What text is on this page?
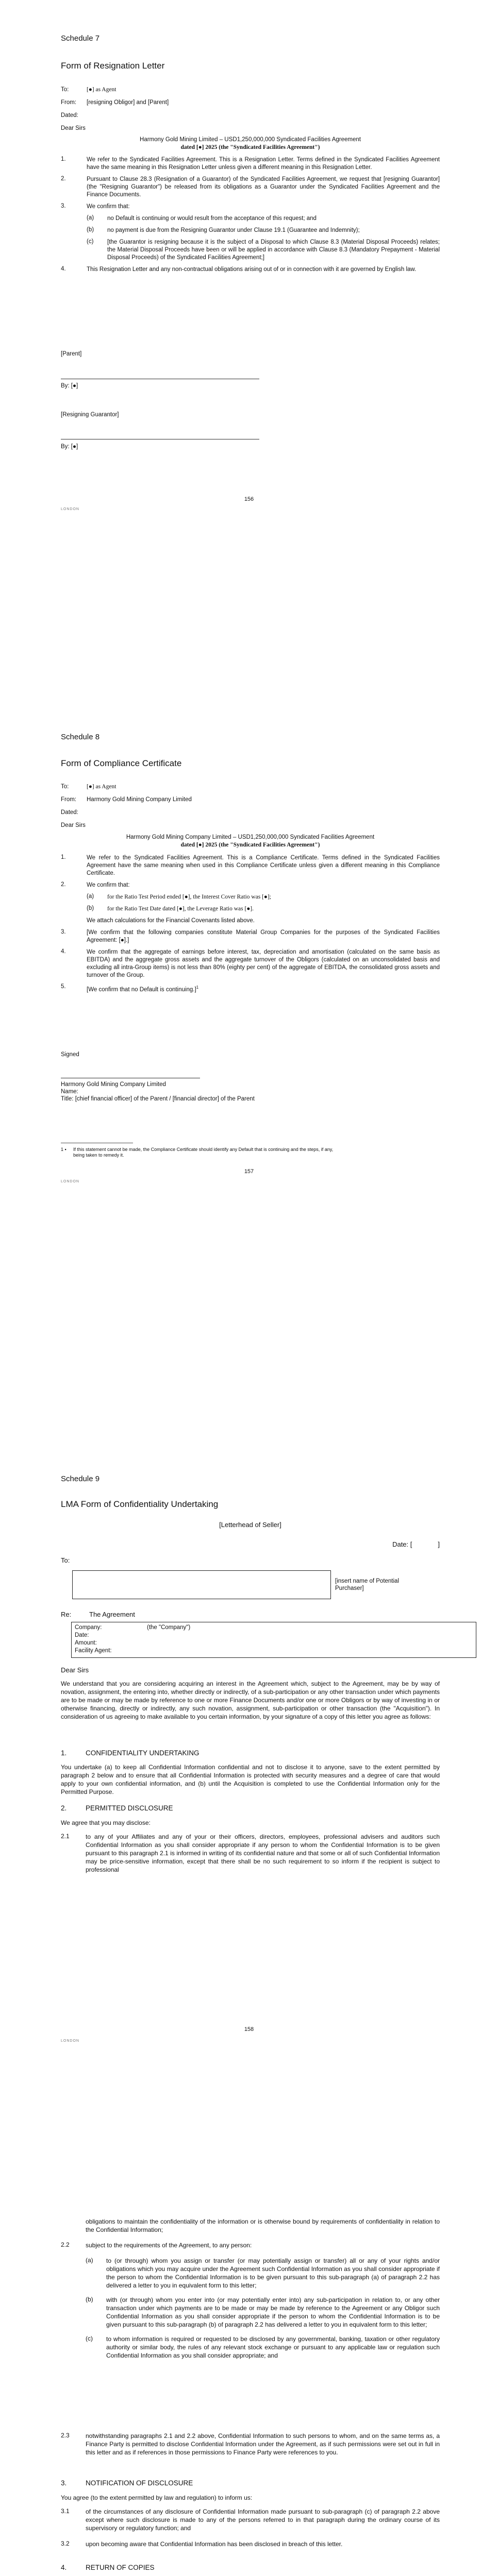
Schedule 7
Form of Resignation Letter
To:	[●] as Agent
From: [resigning Obligor] and [Parent]
Dated:
Dear Sirs
Harmony Gold Mining Limited – USD1,250,000,000 Syndicated Facilities Agreement
dated [●] 2025 (the "Syndicated Facilities Agreement")
1.	We refer to the Syndicated Facilities Agreement. This is a Resignation Letter. Terms defined in the Syndicated Facilities Agreement have the same meaning in this Resignation Letter unless given a different meaning in this Resignation Letter.
2.	Pursuant to Clause 28.3 (Resignation of a Guarantor) of the Syndicated Facilities Agreement, we request that [resigning Guarantor] (the "Resigning Guarantor") be released from its obligations as a Guarantor under the Syndicated Facilities Agreement and the Finance Documents.
3.	We confirm that:
(a)	no Default is continuing or would result from the acceptance of this request; and
(b)	no payment is due from the Resigning Guarantor under Clause 19.1 (Guarantee and Indemnity);
(c)	[the Guarantor is resigning because it is the subject of a Disposal to which Clause 8.3 (Material Disposal Proceeds) relates; the Material Disposal Proceeds have been or will be applied in accordance with Clause 8.3 (Mandatory Prepayment - Material Disposal Proceeds) of the Syndicated Facilities Agreement;]
4.	This Resignation Letter and any non-contractual obligations arising out of or in connection with it are governed by English law.
[Parent]
By: [●]
[Resigning Guarantor]
By: [●]
156
LONDON
Schedule 8
Form of Compliance Certificate
To:	[●] as Agent
From: Harmony Gold Mining Company Limited
Dated:
Dear Sirs
Harmony Gold Mining Company Limited – USD1,250,000,000 Syndicated Facilities Agreement
dated [●] 2025 (the "Syndicated Facilities Agreement")
1.	We refer to the Syndicated Facilities Agreement. This is a Compliance Certificate. Terms defined in the Syndicated Facilities Agreement have the same meaning when used in this Compliance Certificate unless given a different meaning in this Compliance Certificate.
2.	We confirm that:
(a)	for the Ratio Test Period ended [●], the Interest Cover Ratio was [●];
(b)	for the Ratio Test Date dated [●], the Leverage Ratio was [●].
We attach calculations for the Financial Covenants listed above.
3.	[We confirm that the following companies constitute Material Group Companies for the purposes of the Syndicated Facilities Agreement: [●].]
4.	We confirm that the aggregate of earnings before interest, tax, depreciation and amortisation (calculated on the same basis as EBITDA) and the aggregate gross assets and the aggregate turnover of the Obligors (calculated on an unconsolidated basis and excluding all intra-Group items) is not less than 80% (eighty per cent) of the aggregate of EBITDA, the consolidated gross assets and turnover of the Group.
5.	[We confirm that no Default is continuing.]$^1$
Signed
Harmony Gold Mining Company Limited
Name:
Title: [chief financial officer] of the Parent / [financial director] of the Parent
1 ▪	If this statement cannot be made, the Compliance Certificate should identify any Default that is continuing and the steps, if any, being taken to remedy it.
157
LONDON
Schedule 9
LMA Form of Confidentiality Undertaking
[Letterhead of Seller]
Date: [	]
To:
[insert name of Potential Purchaser]
Re:	The Agreement
Company:	(the "Company")
Date:
Amount:
Facility Agent:
Dear Sirs
We understand that you are considering acquiring an interest in the Agreement which, subject to the Agreement, may be by way of novation, assignment, the entering into, whether directly or indirectly, of a sub-participation or any other transaction under which payments are to be made or may be made by reference to one or more Finance Documents and/or one or more Obligors or by way of investing in or otherwise financing, directly or indirectly, any such novation, assignment, sub-participation or other transaction (the "Acquisition"). In consideration of us agreeing to make available to you certain information, by your signature of a copy of this letter you agree as follows:
1.	CONFIDENTIALITY UNDERTAKING
You undertake (a) to keep all Confidential Information confidential and not to disclose it to anyone, save to the extent permitted by paragraph 2 below and to ensure that all Confidential Information is protected with security measures and a degree of care that would apply to your own confidential information, and (b) until the Acquisition is completed to use the Confidential Information only for the Permitted Purpose.
2.	PERMITTED DISCLOSURE
We agree that you may disclose:
2.1	to any of your Affiliates and any of your or their officers, directors, employees, professional advisers and auditors such Confidential Information as you shall consider appropriate if any person to whom the Confidential Information is to be given pursuant to this paragraph 2.1 is informed in writing of its confidential nature and that some or all of such Confidential Information may be price-sensitive information, except that there shall be no such requirement to so inform if the recipient is subject to professional
158
LONDON
obligations to maintain the confidentiality of the information or is otherwise bound by requirements of confidentiality in relation to the Confidential Information;
2.2	subject to the requirements of the Agreement, to any person:
(a)	to (or through) whom you assign or transfer (or may potentially assign or transfer) all or any of your rights and/or obligations which you may acquire under the Agreement such Confidential Information as you shall consider appropriate if the person to whom the Confidential Information is to be given pursuant to this sub-paragraph (a) of paragraph 2.2 has delivered a letter to you in equivalent form to this letter;
(b)	with (or through) whom you enter into (or may potentially enter into) any sub-participation in relation to, or any other transaction under which payments are to be made or may be made by reference to the Agreement or any Obligor such Confidential Information as you shall consider appropriate if the person to whom the Confidential Information is to be given pursuant to this sub-paragraph (b) of paragraph 2.2 has delivered a letter to you in equivalent form to this letter;
(c)	to whom information is required or requested to be disclosed by any governmental, banking, taxation or other regulatory authority or similar body, the rules of any relevant stock exchange or pursuant to any applicable law or regulation such Confidential Information as you shall consider appropriate; and
2.3	notwithstanding paragraphs 2.1 and 2.2 above, Confidential Information to such persons to whom, and on the same terms as, a Finance Party is permitted to disclose Confidential Information under the Agreement, as if such permissions were set out in full in this letter and as if references in those permissions to Finance Party were references to you.
3.	NOTIFICATION OF DISCLOSURE
You agree (to the extent permitted by law and regulation) to inform us:
3.1	of the circumstances of any disclosure of Confidential Information made pursuant to sub-paragraph (c) of paragraph 2.2 above except where such disclosure is made to any of the persons referred to in that paragraph during the ordinary course of its supervisory or regulatory function; and
3.2	upon becoming aware that Confidential Information has been disclosed in breach of this letter.
4.	RETURN OF COPIES
